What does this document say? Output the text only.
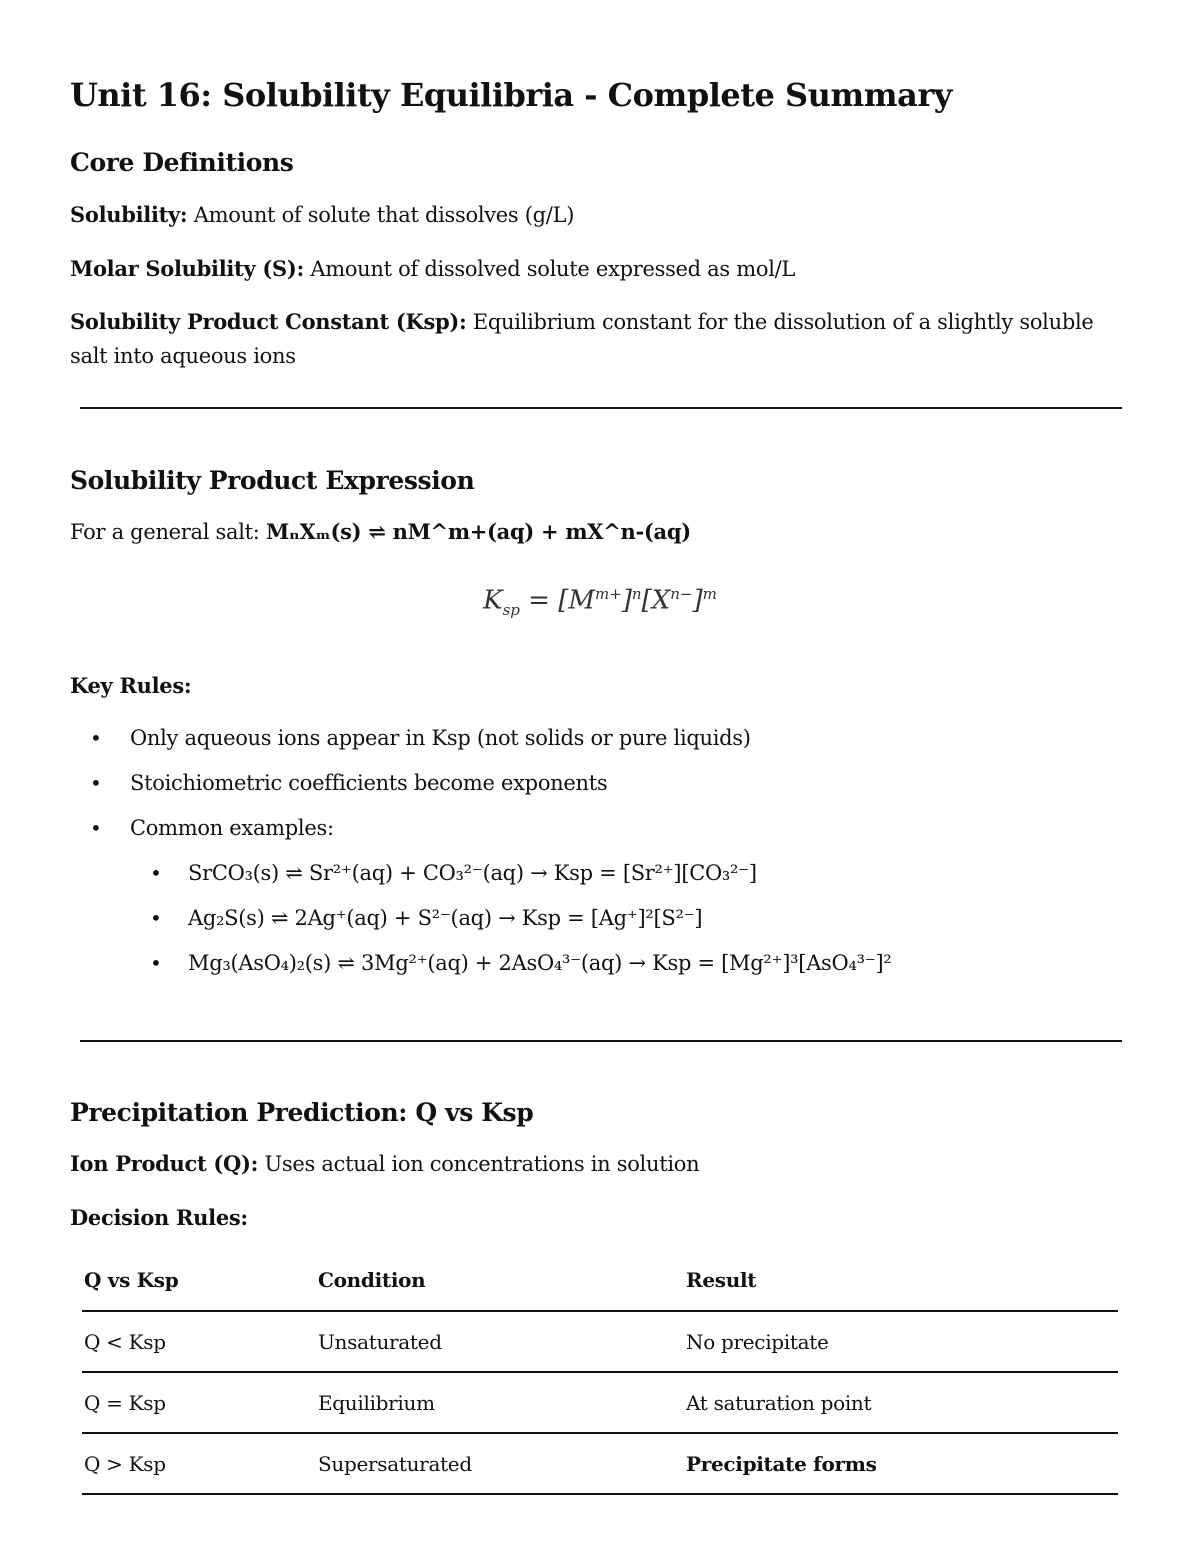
Unit 16: Solubility Equilibria - Complete Summary
Core Definitions

Solubility: Amount of solute that dissolves (g/L)

Molar Solubility (S): Amount of dissolved solute expressed as mol/L

Solubility Product Constant (Ksp): Equilibrium constant for the dissolution of a slightly soluble salt into aqueous ions

Solubility Product Expression

For a general salt: MₙXₘ(s) ⇌ nM^m+(aq) + mX^n-(aq)

$K_{sp} = [M^{m+}]^n[X^{n-}]^m$

Key Rules:

• Only aqueous ions appear in Ksp (not solids or pure liquids)
• Stoichiometric coefficients become exponents
• Common examples:
• SrCO₃(s) ⇌ Sr²⁺(aq) + CO₃²⁻(aq) → Ksp = [Sr²⁺][CO₃²⁻]
• Ag₂S(s) ⇌ 2Ag⁺(aq) + S²⁻(aq) → Ksp = [Ag⁺]²[S²⁻]
• Mg₃(AsO₄)₂(s) ⇌ 3Mg²⁺(aq) + 2AsO₄³⁻(aq) → Ksp = [Mg²⁺]³[AsO₄³⁻]²
Precipitation Prediction: Q vs Ksp

Ion Product (Q): Uses actual ion concentrations in solution

Decision Rules:

Q vs Ksp	Condition	Result
Q < Ksp	Unsaturated	No precipitate
Q = Ksp	Equilibrium	At saturation point
Q > Ksp	Supersaturated	Precipitate forms
